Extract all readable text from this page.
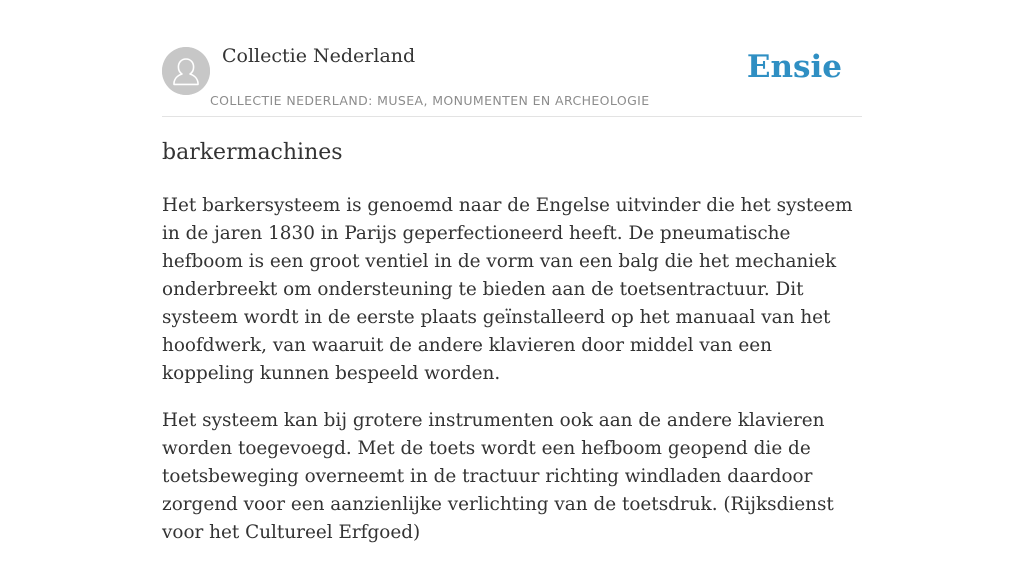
Collectie Nederland
COLLECTIE NEDERLAND: MUSEA, MONUMENTEN EN ARCHEOLOGIE
Ensie
barkermachines

Het barkersysteem is genoemd naar de Engelse uitvinder die het systeem in de jaren 1830 in Parijs geperfectioneerd heeft. De pneumatische hefboom is een groot ventiel in de vorm van een balg die het mechaniek onderbreekt om ondersteuning te bieden aan de toetsentractuur. Dit systeem wordt in de eerste plaats geïnstalleerd op het manuaal van het hoofdwerk, van waaruit de andere klavieren door middel van een koppeling kunnen bespeeld worden.

Het systeem kan bij grotere instrumenten ook aan de andere klavieren worden toegevoegd. Met de toets wordt een hefboom geopend die de toetsbeweging overneemt in de tractuur richting windladen daardoor zorgend voor een aanzienlijke verlichting van de toetsdruk. (Rijksdienst voor het Cultureel Erfgoed)
